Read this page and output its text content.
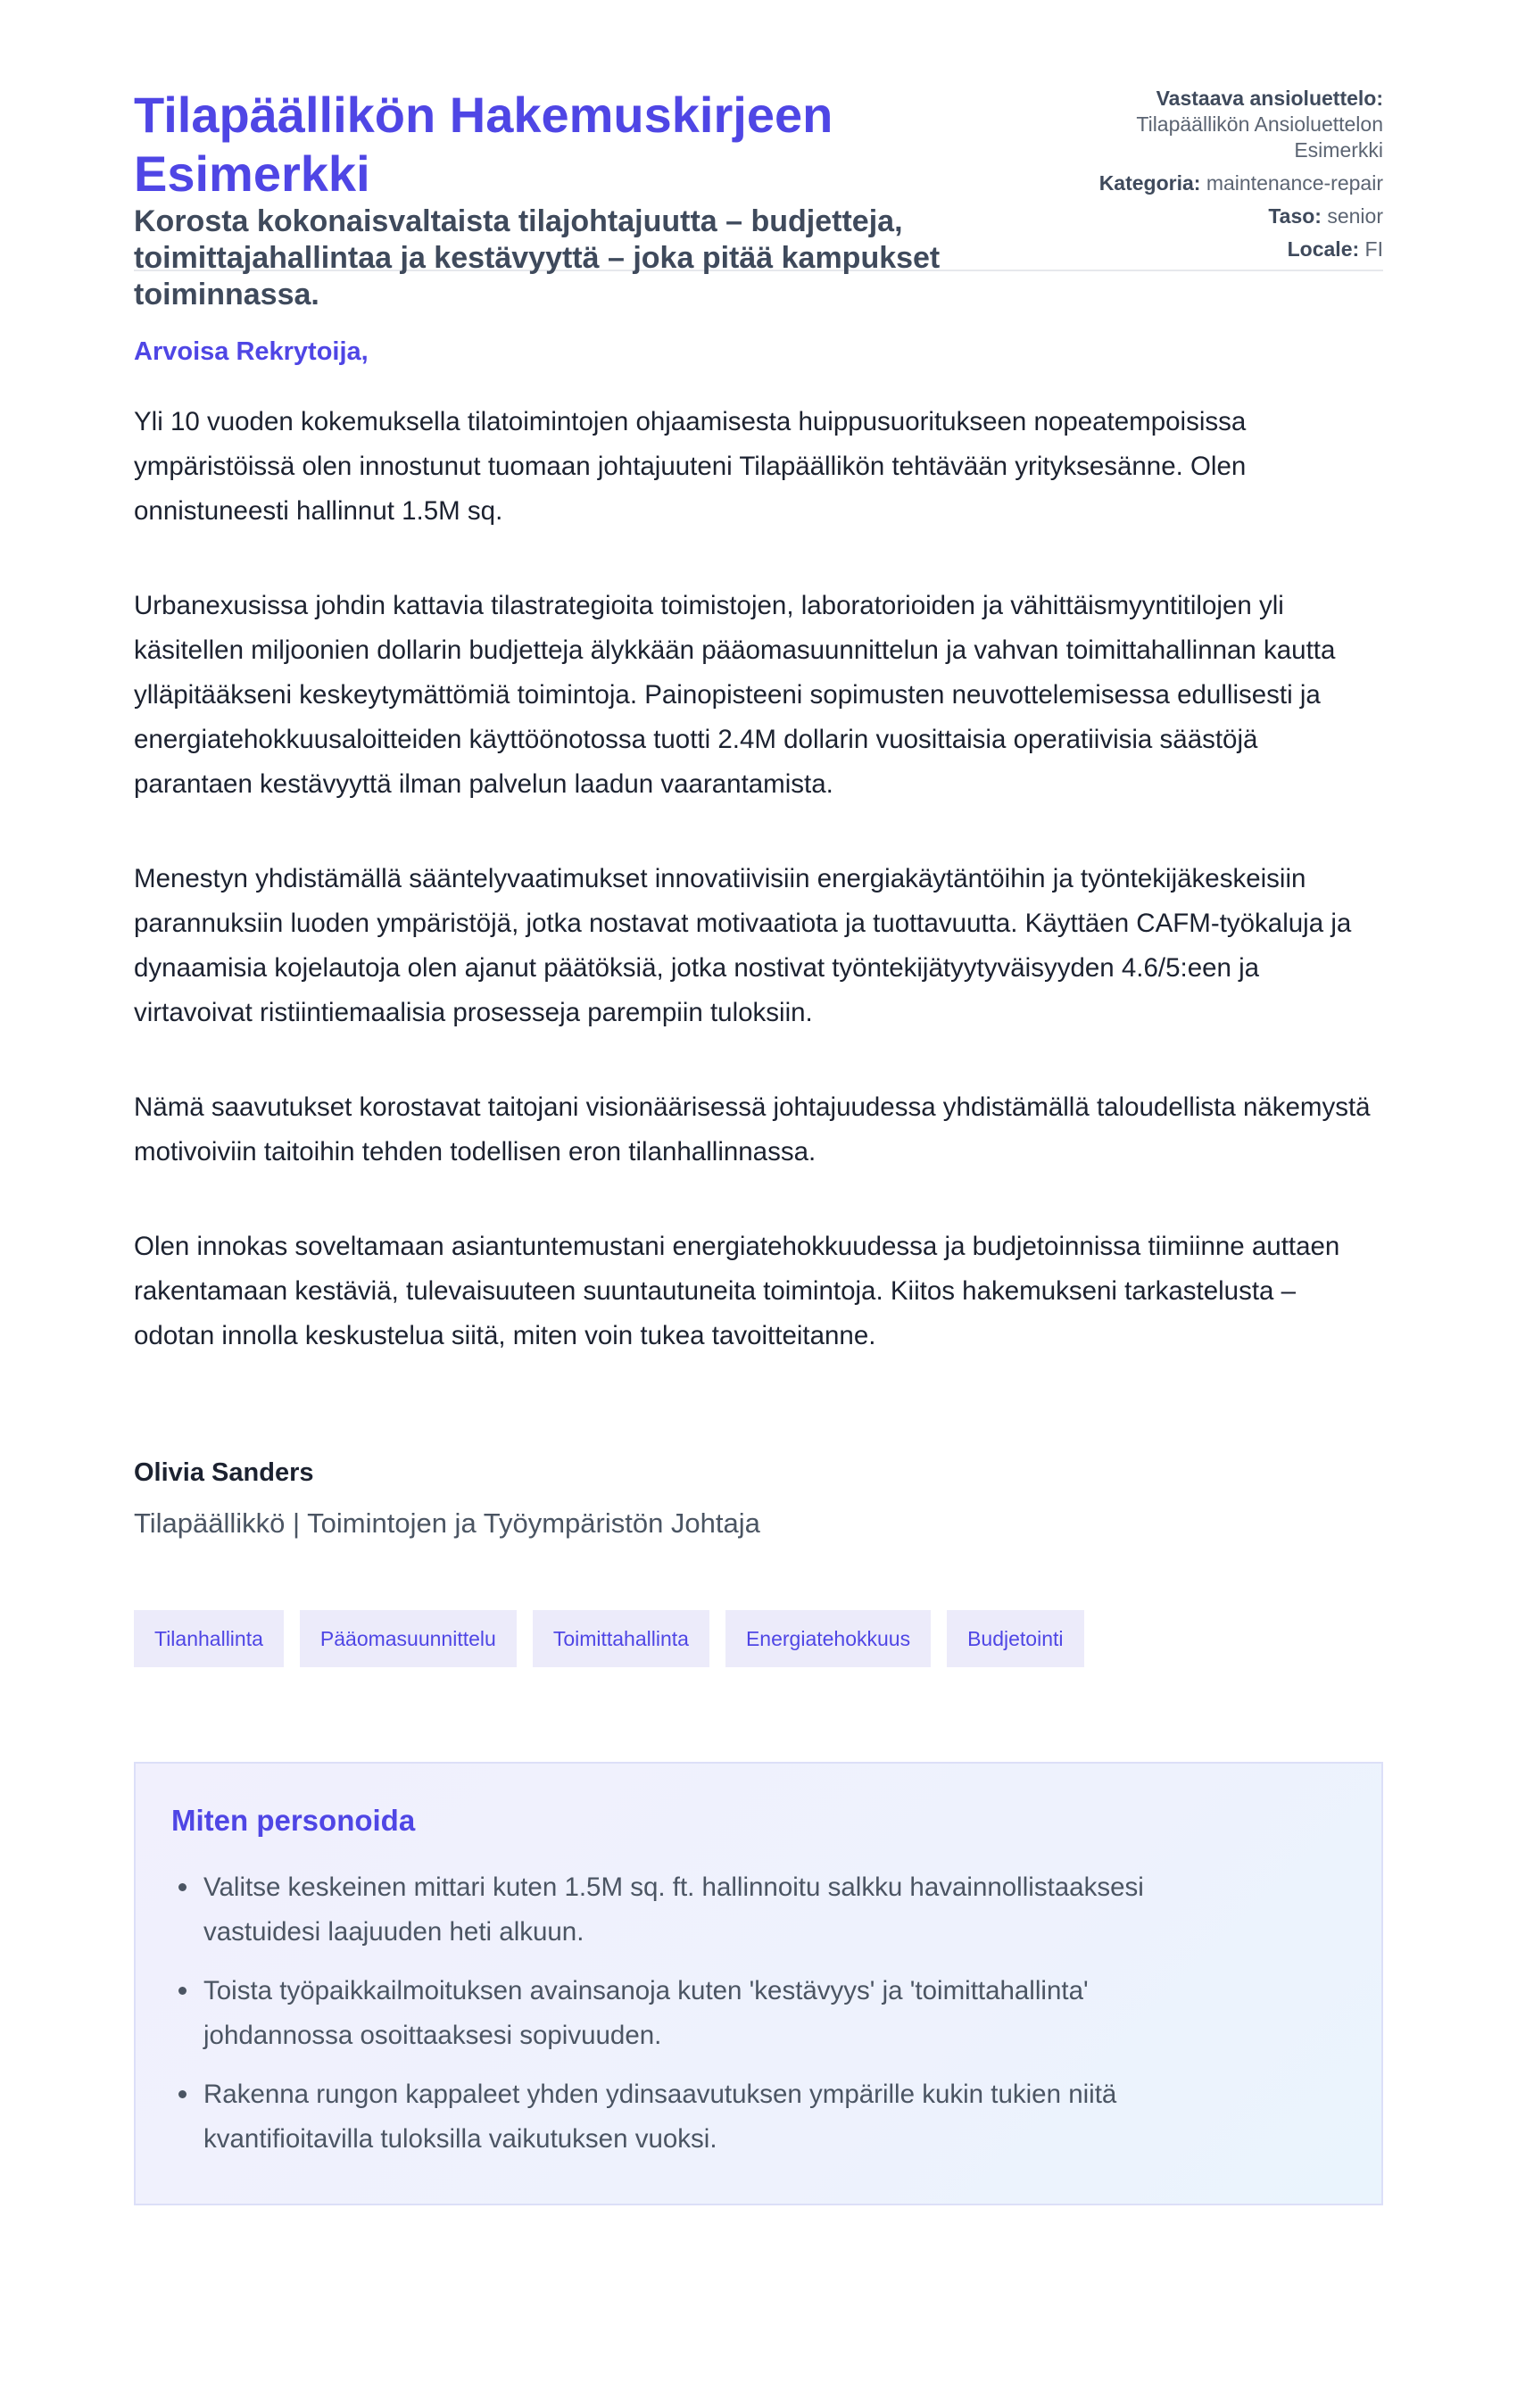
Tilapäällikön Hakemuskirjeen Esimerkki
Korosta kokonaisvaltaista tilajohtajuutta – budjetteja, toimittajahallintaa ja kestävyyttä – joka pitää kampukset toiminnassa.
Vastaava ansioluettelo:
Tilapäällikön Ansioluettelon Esimerkki
Kategoria: maintenance-repair
Taso: senior
Locale: FI
Arvoisa Rekrytoija,

Yli 10 vuoden kokemuksella tilatoimintojen ohjaamisesta huippusuoritukseen nopeatempoisissa ympäristöissä olen innostunut tuomaan johtajuuteni Tilapäällikön tehtävään yrityksesänne. Olen onnistuneesti hallinnut 1.5M sq.

Urbanexusissa johdin kattavia tilastrategioita toimistojen, laboratorioiden ja vähittäismyyntitilojen yli käsitellen miljoonien dollarin budjetteja älykkään pääomasuunnittelun ja vahvan toimittahallinnan kautta ylläpitääkseni keskeytymättömiä toimintoja. Painopisteeni sopimusten neuvottelemisessa edullisesti ja energiatehokkuusaloitteiden käyttöönotossa tuotti 2.4M dollarin vuosittaisia operatiivisia säästöjä parantaen kestävyyttä ilman palvelun laadun vaarantamista.

Menestyn yhdistämällä sääntelyvaatimukset innovatiivisiin energiakäytäntöihin ja työntekijäkeskeisiin parannuksiin luoden ympäristöjä, jotka nostavat motivaatiota ja tuottavuutta. Käyttäen CAFM-työkaluja ja dynaamisia kojelautoja olen ajanut päätöksiä, jotka nostivat työntekijätyytyväisyyden 4.6/5:een ja virtavoivat ristiintiemaalisia prosesseja parempiin tuloksiin.

Nämä saavutukset korostavat taitojani visionäärisessä johtajuudessa yhdistämällä taloudellista näkemystä motivoiviin taitoihin tehden todellisen eron tilanhallinnassa.

Olen innokas soveltamaan asiantuntemustani energiatehokkuudessa ja budjetoinnissa tiimiinne auttaen rakentamaan kestäviä, tulevaisuuteen suuntautuneita toimintoja. Kiitos hakemukseni tarkastelusta – odotan innolla keskustelua siitä, miten voin tukea tavoitteitanne.

Olivia Sanders
Tilapäällikkö | Toimintojen ja Työympäristön Johtaja
Tilanhallinta	Pääomasuunnittelu	Toimittahallinta	Energiatehokkuus	Budjetointi
Miten personoida
Valitse keskeinen mittari kuten 1.5M sq. ft. hallinnoitu salkku havainnollistaaksesi vastuidesi laajuuden heti alkuun.
Toista työpaikkailmoituksen avainsanoja kuten 'kestävyys' ja 'toimittahallinta' johdannossa osoittaaksesi sopivuuden.
Rakenna rungon kappaleet yhden ydinsaavutuksen ympärille kukin tukien niitä kvantifioitavilla tuloksilla vaikutuksen vuoksi.
